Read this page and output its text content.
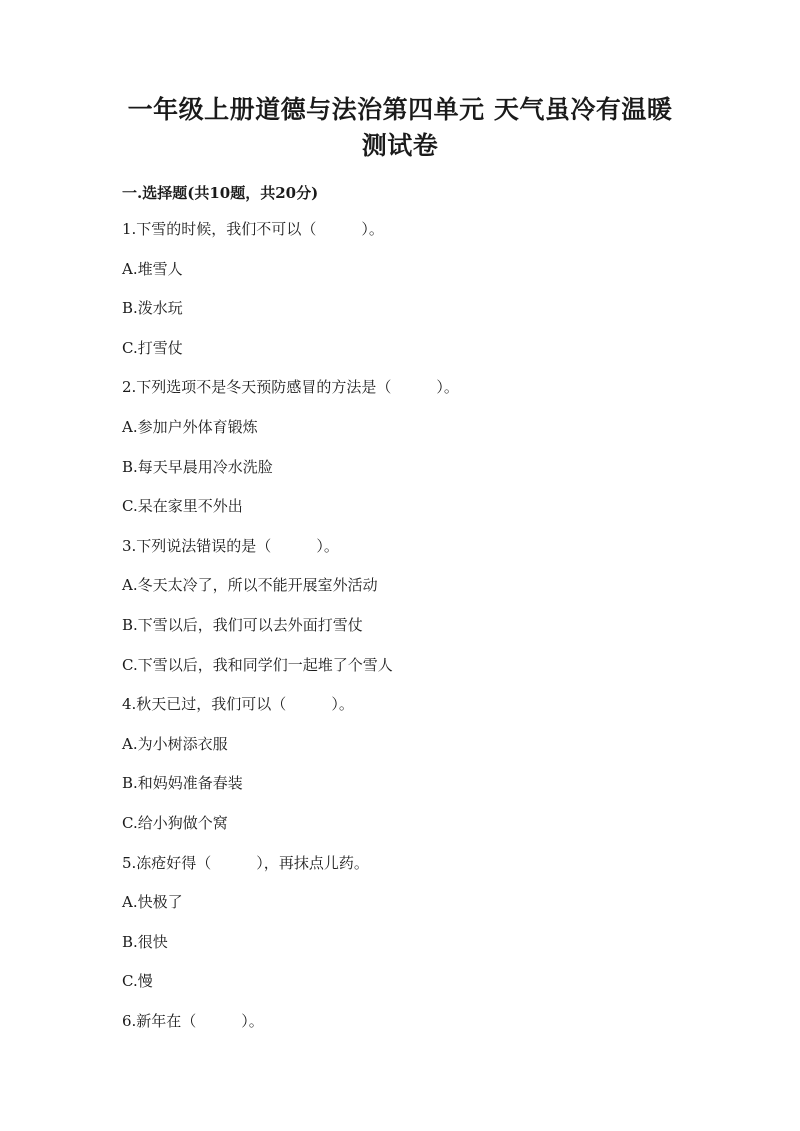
一年级上册道德与法治第四单元 天气虽冷有温暖
测试卷
一.选择题(共10题，共20分)
1.下雪的时候，我们不可以（　　　）。
A.堆雪人
B.泼水玩
C.打雪仗
2.下列选项不是冬天预防感冒的方法是（　　　）。
A.参加户外体育锻炼
B.每天早晨用冷水洗脸
C.呆在家里不外出
3.下列说法错误的是（　　　）。
A.冬天太冷了，所以不能开展室外活动
B.下雪以后，我们可以去外面打雪仗
C.下雪以后，我和同学们一起堆了个雪人
4.秋天已过，我们可以（　　　）。
A.为小树添衣服
B.和妈妈准备春装
C.给小狗做个窝
5.冻疮好得（　　　），再抹点儿药。
A.快极了
B.很快
C.慢
6.新年在（　　　）。
